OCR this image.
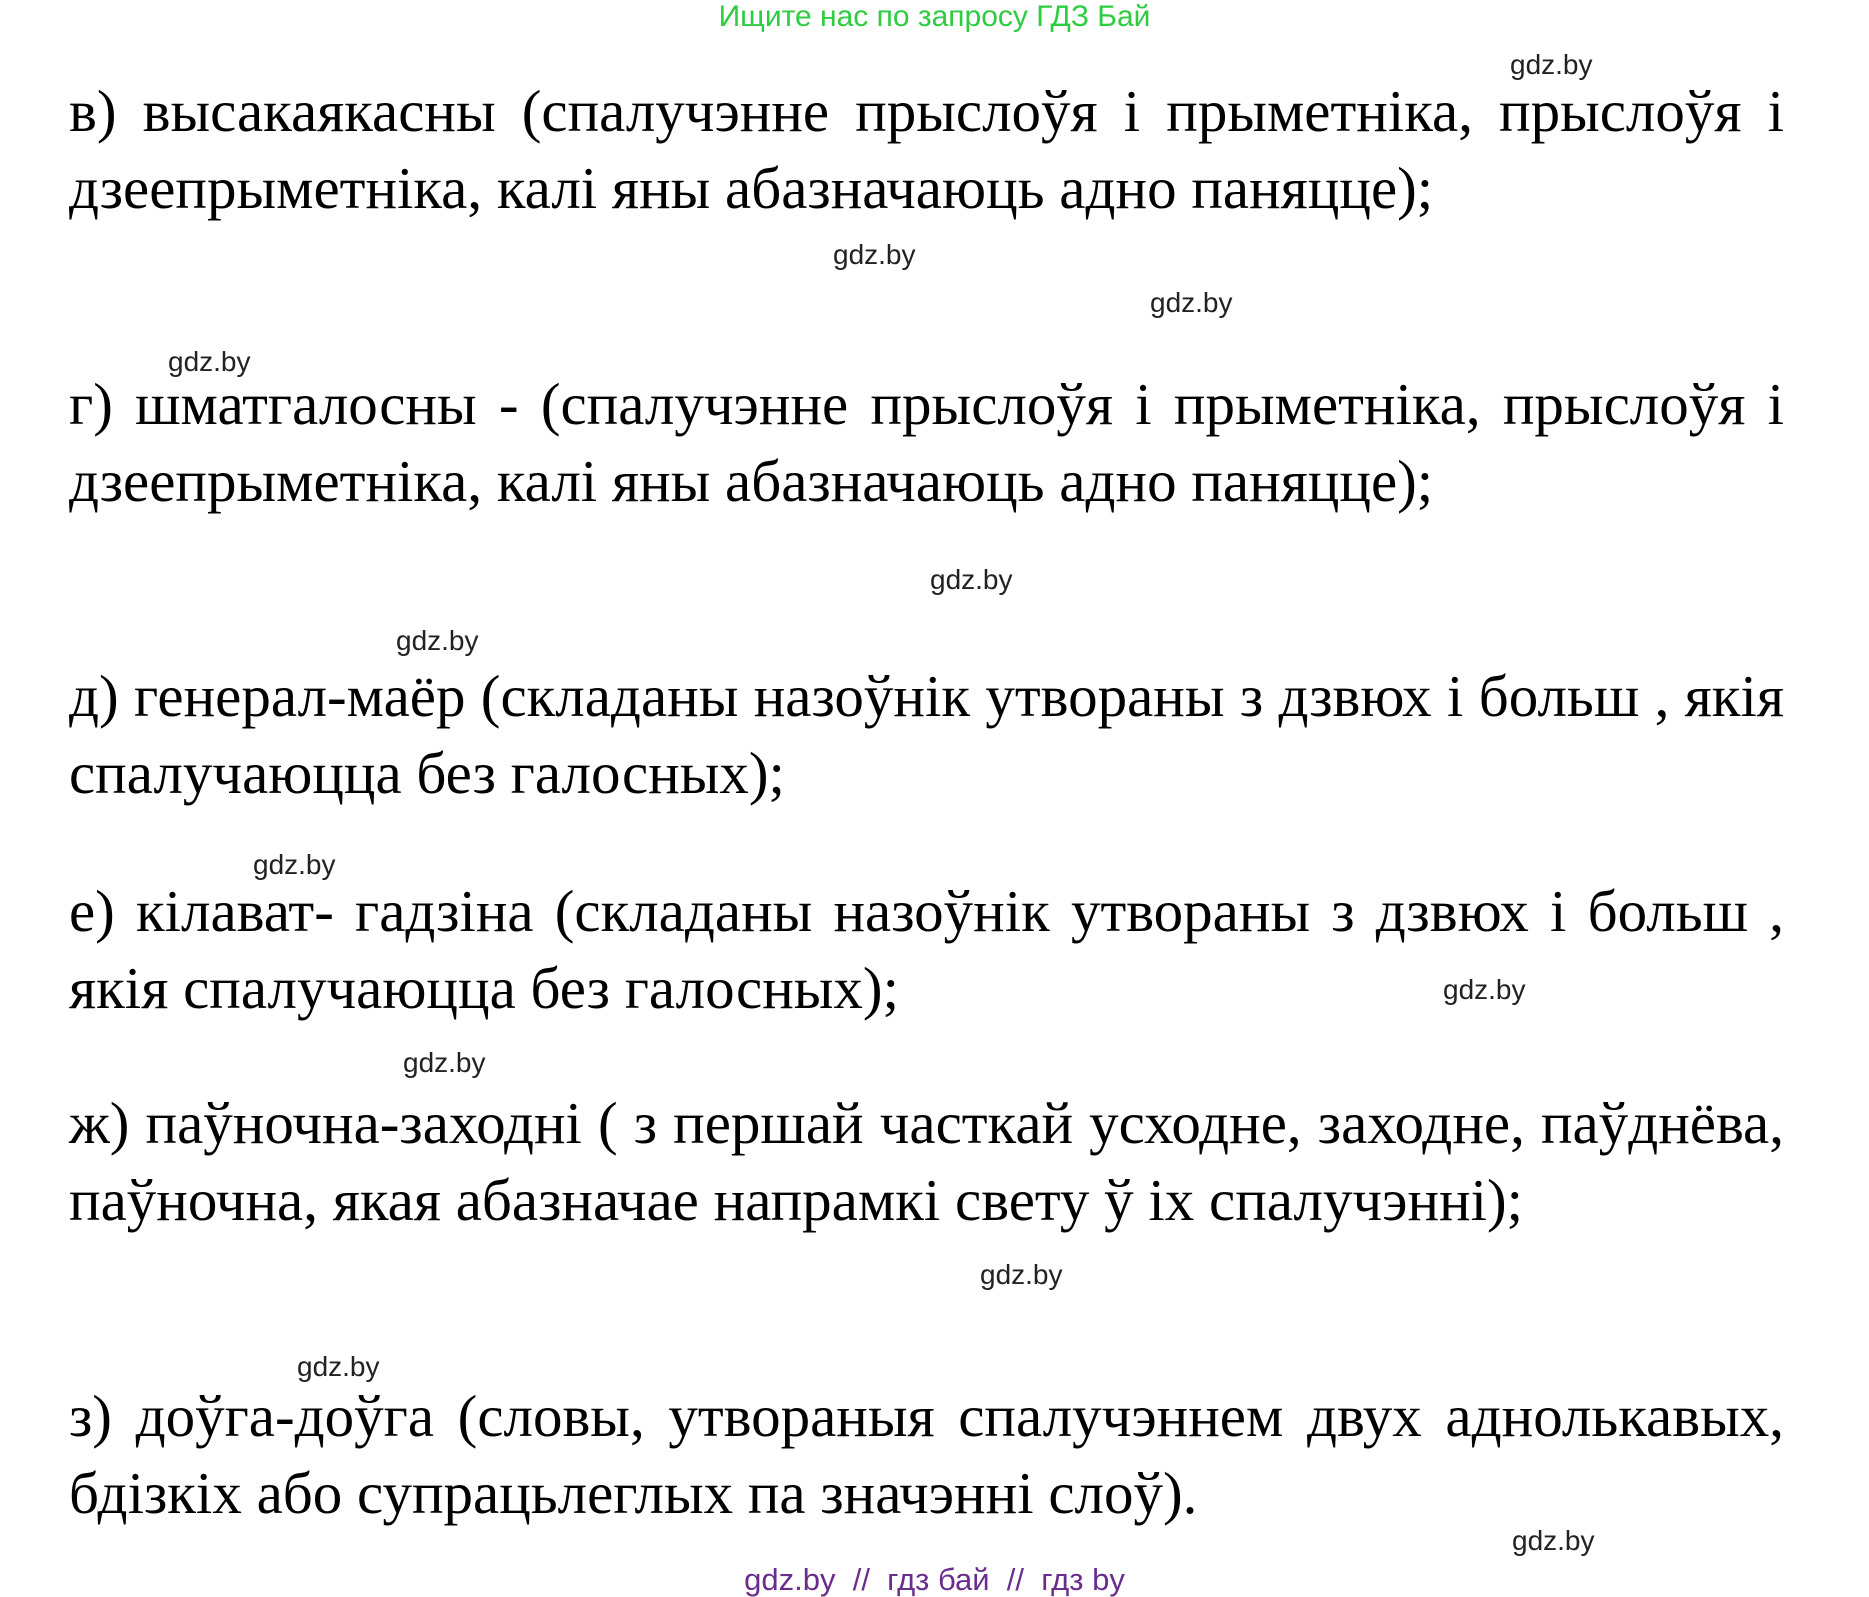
Ищите нас по запросу ГДЗ Бай

в) высакаякасны (спалучэнне прыслоўя і прыметніка, прыслоўя і дзеепрыметніка, калі яны абазначаюць адно паняцце);

г) шматгалосны - (спалучэнне прыслоўя і прыметніка, прыслоўя і дзеепрыметніка, калі яны абазначаюць адно паняцце);

д) генерал-маёр (складаны назоўнік утвораны з дзвюх і больш , якія спалучаюцца без галосных);

е) кілават- гадзіна (складаны назоўнік утвораны з дзвюх і больш , якія спалучаюцца без галосных);

ж) паўночна-заходні ( з першай часткай усходне, заходне, паўднёва, паўночна, якая абазначае напрамкі свету ў іх спалучэнні);

з) доўга-доўга (словы, утвораныя спалучэннем двух аднолькавых, бдізкіх або супрацьлеглых па значэнні слоў).

gdz.by
gdz.by
gdz.by
gdz.by
gdz.by
gdz.by
gdz.by
gdz.by
gdz.by
gdz.by
gdz.by
gdz.by
gdz.by  //  гдз бай  //  гдз by
